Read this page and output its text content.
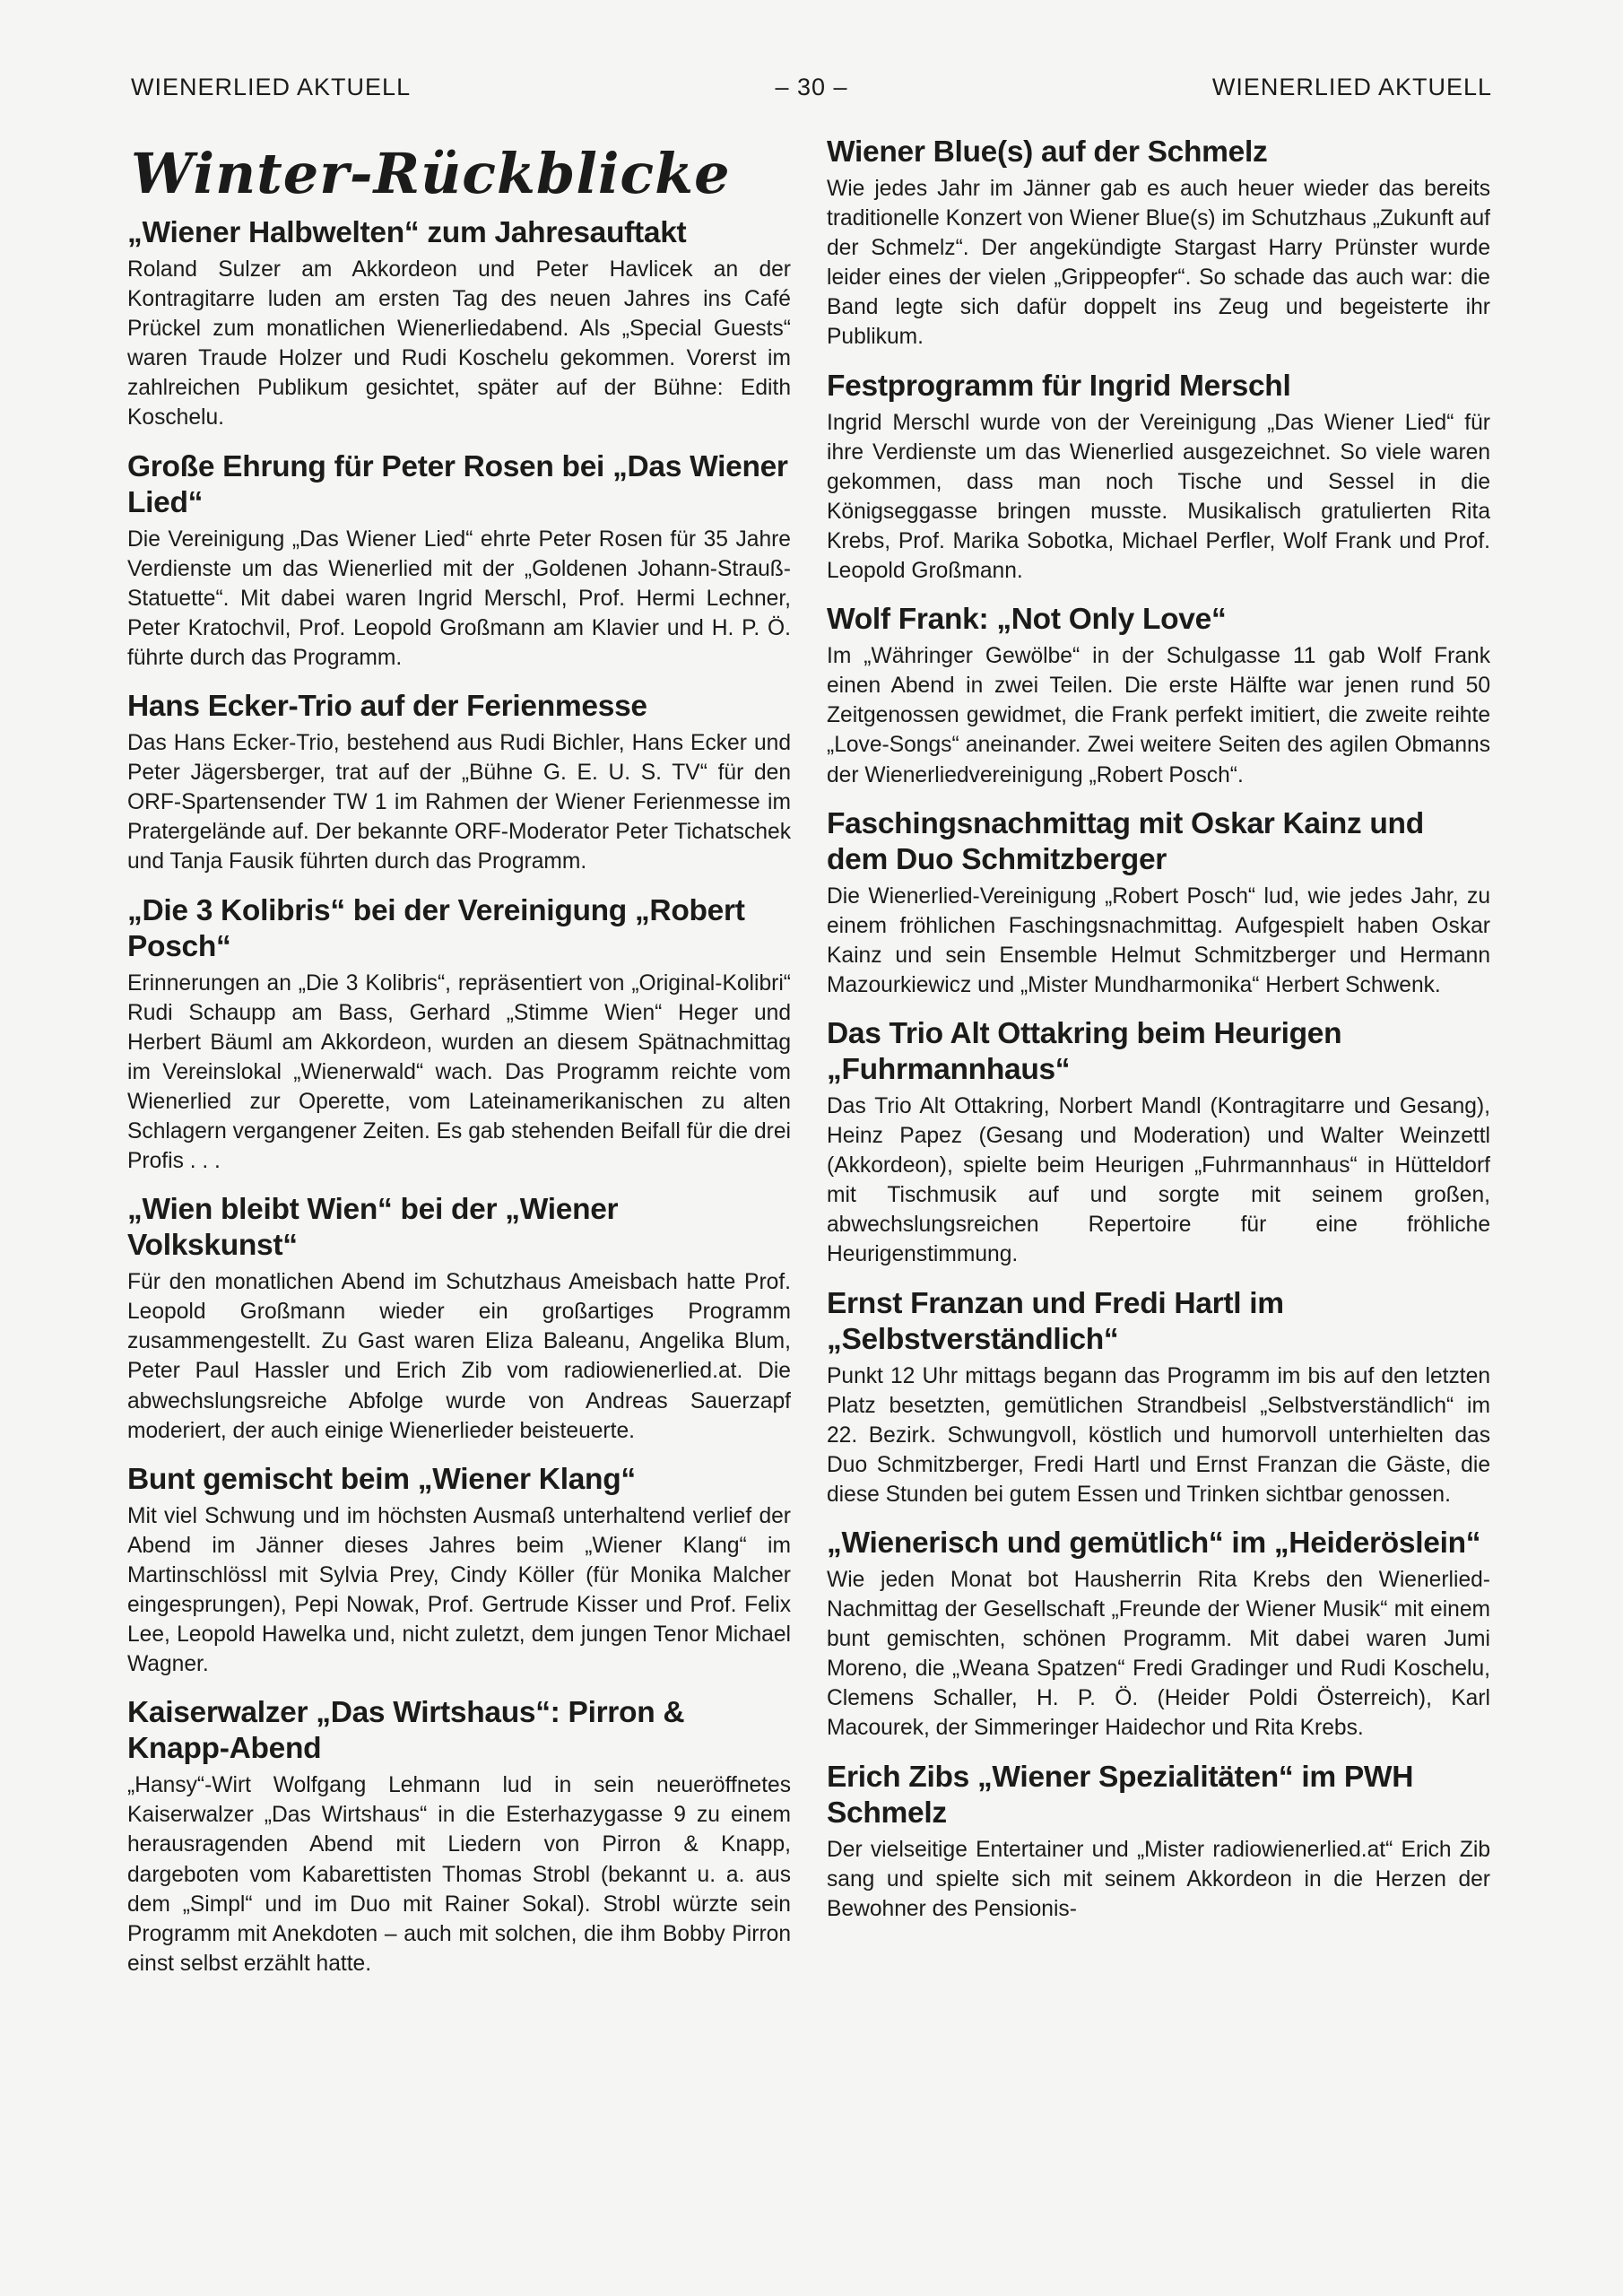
WIENERLIED AKTUELL	– 30 –	WIENERLIED AKTUELL
Winter-Rückblicke
„Wiener Halbwelten“ zum Jahresauftakt

Roland Sulzer am Akkordeon und Peter Havlicek an der Kontragitarre luden am ersten Tag des neuen Jahres ins Café Prückel zum monatlichen Wienerliedabend. Als „Special Guests“ waren Traude Holzer und Rudi Koschelu gekommen. Vorerst im zahlreichen Publikum gesichtet, später auf der Bühne: Edith Koschelu.

Große Ehrung für Peter Rosen bei „Das Wiener Lied“

Die Vereinigung „Das Wiener Lied“ ehrte Peter Rosen für 35 Jahre Verdienste um das Wienerlied mit der „Goldenen Johann-Strauß-Statuette“. Mit dabei waren Ingrid Merschl, Prof. Hermi Lechner, Peter Kratochvil, Prof. Leopold Großmann am Klavier und H. P. Ö. führte durch das Programm.

Hans Ecker-Trio auf der Ferienmesse

Das Hans Ecker-Trio, bestehend aus Rudi Bichler, Hans Ecker und Peter Jägersberger, trat auf der „Bühne G. E. U. S. TV“ für den ORF-Spartensender TW 1 im Rahmen der Wiener Ferienmesse im Pratergelände auf. Der bekannte ORF-Moderator Peter Tichatschek und Tanja Fausik führten durch das Programm.

„Die 3 Kolibris“ bei der Vereinigung „Robert Posch“

Erinnerungen an „Die 3 Kolibris“, repräsentiert von „Original-Kolibri“ Rudi Schaupp am Bass, Gerhard „Stimme Wien“ Heger und Herbert Bäuml am Akkordeon, wurden an diesem Spätnachmittag im Vereinslokal „Wienerwald“ wach. Das Programm reichte vom Wienerlied zur Operette, vom Lateinamerikanischen zu alten Schlagern vergangener Zeiten. Es gab stehenden Beifall für die drei Profis . . .

„Wien bleibt Wien“ bei der „Wiener Volkskunst“

Für den monatlichen Abend im Schutzhaus Ameisbach hatte Prof. Leopold Großmann wieder ein großartiges Programm zusammengestellt. Zu Gast waren Eliza Baleanu, Angelika Blum, Peter Paul Hassler und Erich Zib vom radiowienerlied.at. Die abwechslungsreiche Abfolge wurde von Andreas Sauerzapf moderiert, der auch einige Wienerlieder beisteuerte.

Bunt gemischt beim „Wiener Klang“

Mit viel Schwung und im höchsten Ausmaß unterhaltend verlief der Abend im Jänner dieses Jahres beim „Wiener Klang“ im Martinschlössl mit Sylvia Prey, Cindy Köller (für Monika Malcher eingesprungen), Pepi Nowak, Prof. Gertrude Kisser und Prof. Felix Lee, Leopold Hawelka und, nicht zuletzt, dem jungen Tenor Michael Wagner.

Kaiserwalzer „Das Wirtshaus“: Pirron & Knapp-Abend

„Hansy“-Wirt Wolfgang Lehmann lud in sein neueröffnetes Kaiserwalzer „Das Wirtshaus“ in die Esterhazygasse 9 zu einem herausragenden Abend mit Liedern von Pirron & Knapp, dargeboten vom Kabarettisten Thomas Strobl (bekannt u. a. aus dem „Simpl“ und im Duo mit Rainer Sokal). Strobl würzte sein Programm mit Anekdoten – auch mit solchen, die ihm Bobby Pirron einst selbst erzählt hatte.

Wiener Blue(s) auf der Schmelz

Wie jedes Jahr im Jänner gab es auch heuer wieder das bereits traditionelle Konzert von Wiener Blue(s) im Schutzhaus „Zukunft auf der Schmelz“. Der angekündigte Stargast Harry Prünster wurde leider eines der vielen „Grippeopfer“. So schade das auch war: die Band legte sich dafür doppelt ins Zeug und begeisterte ihr Publikum.

Festprogramm für Ingrid Merschl

Ingrid Merschl wurde von der Vereinigung „Das Wiener Lied“ für ihre Verdienste um das Wienerlied ausgezeichnet. So viele waren gekommen, dass man noch Tische und Sessel in die Königseggasse bringen musste. Musikalisch gratulierten Rita Krebs, Prof. Marika Sobotka, Michael Perfler, Wolf Frank und Prof. Leopold Großmann.

Wolf Frank: „Not Only Love“

Im „Währinger Gewölbe“ in der Schulgasse 11 gab Wolf Frank einen Abend in zwei Teilen. Die erste Hälfte war jenen rund 50 Zeitgenossen gewidmet, die Frank perfekt imitiert, die zweite reihte „Love-Songs“ aneinander. Zwei weitere Seiten des agilen Obmanns der Wienerliedvereinigung „Robert Posch“.

Faschingsnachmittag mit Oskar Kainz und dem Duo Schmitzberger

Die Wienerlied-Vereinigung „Robert Posch“ lud, wie jedes Jahr, zu einem fröhlichen Faschingsnachmittag. Aufgespielt haben Oskar Kainz und sein Ensemble Helmut Schmitzberger und Hermann Mazourkiewicz und „Mister Mundharmonika“ Herbert Schwenk.

Das Trio Alt Ottakring beim Heurigen „Fuhrmannhaus“

Das Trio Alt Ottakring, Norbert Mandl (Kontragitarre und Gesang), Heinz Papez (Gesang und Moderation) und Walter Weinzettl (Akkordeon), spielte beim Heurigen „Fuhrmannhaus“ in Hütteldorf mit Tischmusik auf und sorgte mit seinem großen, abwechslungsreichen Repertoire für eine fröhliche Heurigenstimmung.

Ernst Franzan und Fredi Hartl im „Selbstverständlich“

Punkt 12 Uhr mittags begann das Programm im bis auf den letzten Platz besetzten, gemütlichen Strandbeisl „Selbstverständlich“ im 22. Bezirk. Schwungvoll, köstlich und humorvoll unterhielten das Duo Schmitzberger, Fredi Hartl und Ernst Franzan die Gäste, die diese Stunden bei gutem Essen und Trinken sichtbar genossen.

„Wienerisch und gemütlich“ im „Heideröslein“

Wie jeden Monat bot Hausherrin Rita Krebs den Wienerlied-Nachmittag der Gesellschaft „Freunde der Wiener Musik“ mit einem bunt gemischten, schönen Programm. Mit dabei waren Jumi Moreno, die „Weana Spatzen“ Fredi Gradinger und Rudi Koschelu, Clemens Schaller, H. P. Ö. (Heider Poldi Österreich), Karl Macourek, der Simmeringer Haidechor und Rita Krebs.

Erich Zibs „Wiener Spezialitäten“ im PWH Schmelz

Der vielseitige Entertainer und „Mister radiowienerlied.at“ Erich Zib sang und spielte sich mit seinem Akkordeon in die Herzen der Bewohner des Pensionis-
